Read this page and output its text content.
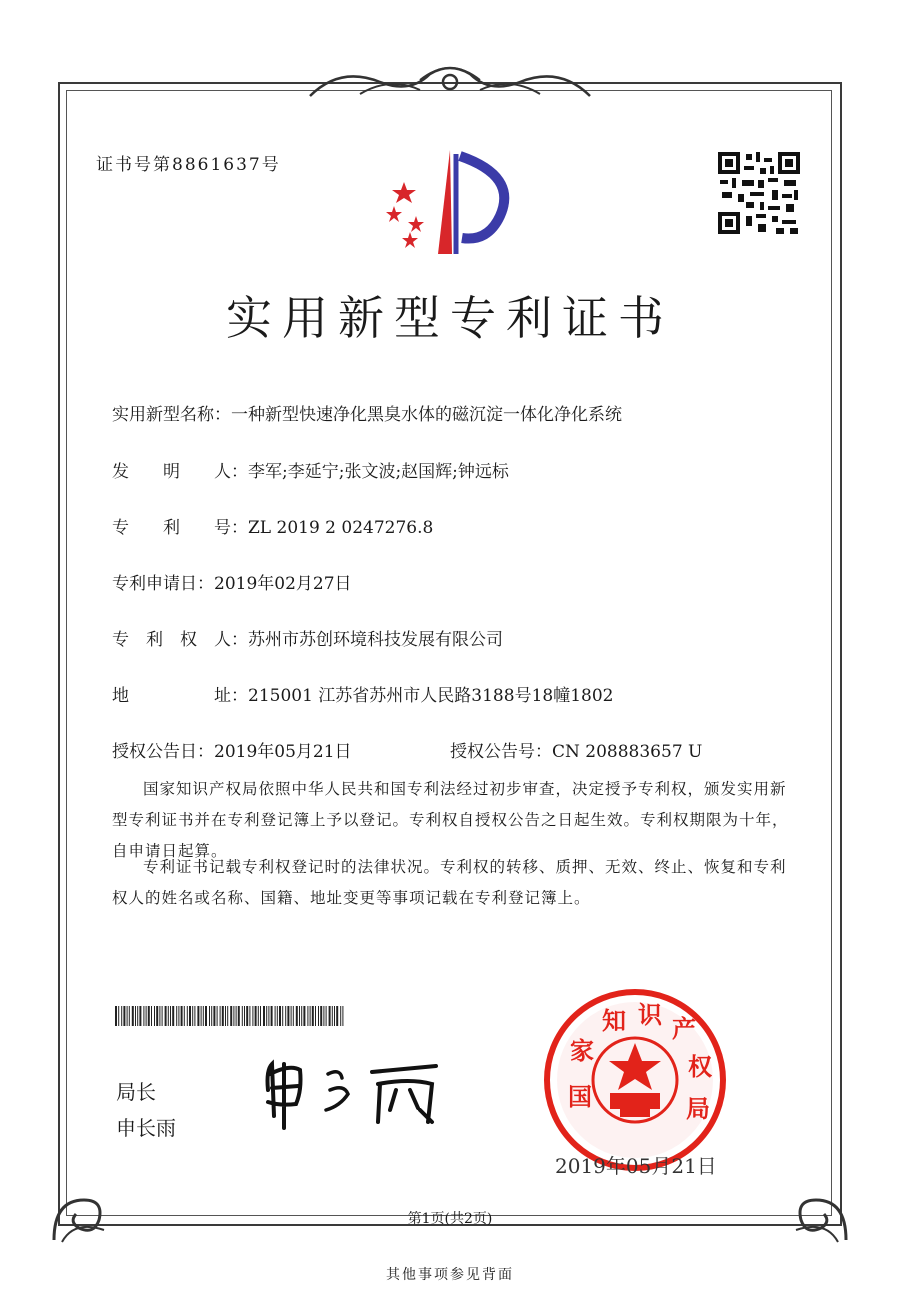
证书号第8861637号
实用新型专利证书
实用新型名称：一种新型快速净化黑臭水体的磁沉淀一体化净化系统
发　　明　　人：李军;李延宁;张文波;赵国辉;钟远标
专　　利　　号：ZL 2019 2 0247276.8
专利申请日：2019年02月27日
专　利　权　人：苏州市苏创环境科技发展有限公司
地　　　　　址：215001 江苏省苏州市人民路3188号18幢1802
授权公告日：2019年05月21日	授权公告号：CN 208883657 U
国家知识产权局依照中华人民共和国专利法经过初步审查，决定授予专利权，颁发实用新型专利证书并在专利登记簿上予以登记。专利权自授权公告之日起生效。专利权期限为十年，自申请日起算。
专利证书记载专利权登记时的法律状况。专利权的转移、质押、无效、终止、恢复和专利权人的姓名或名称、国籍、地址变更等事项记载在专利登记簿上。
局长
申长雨
国
家
知 识 产
权
局
2019年05月21日
第1页(共2页)
其他事项参见背面
